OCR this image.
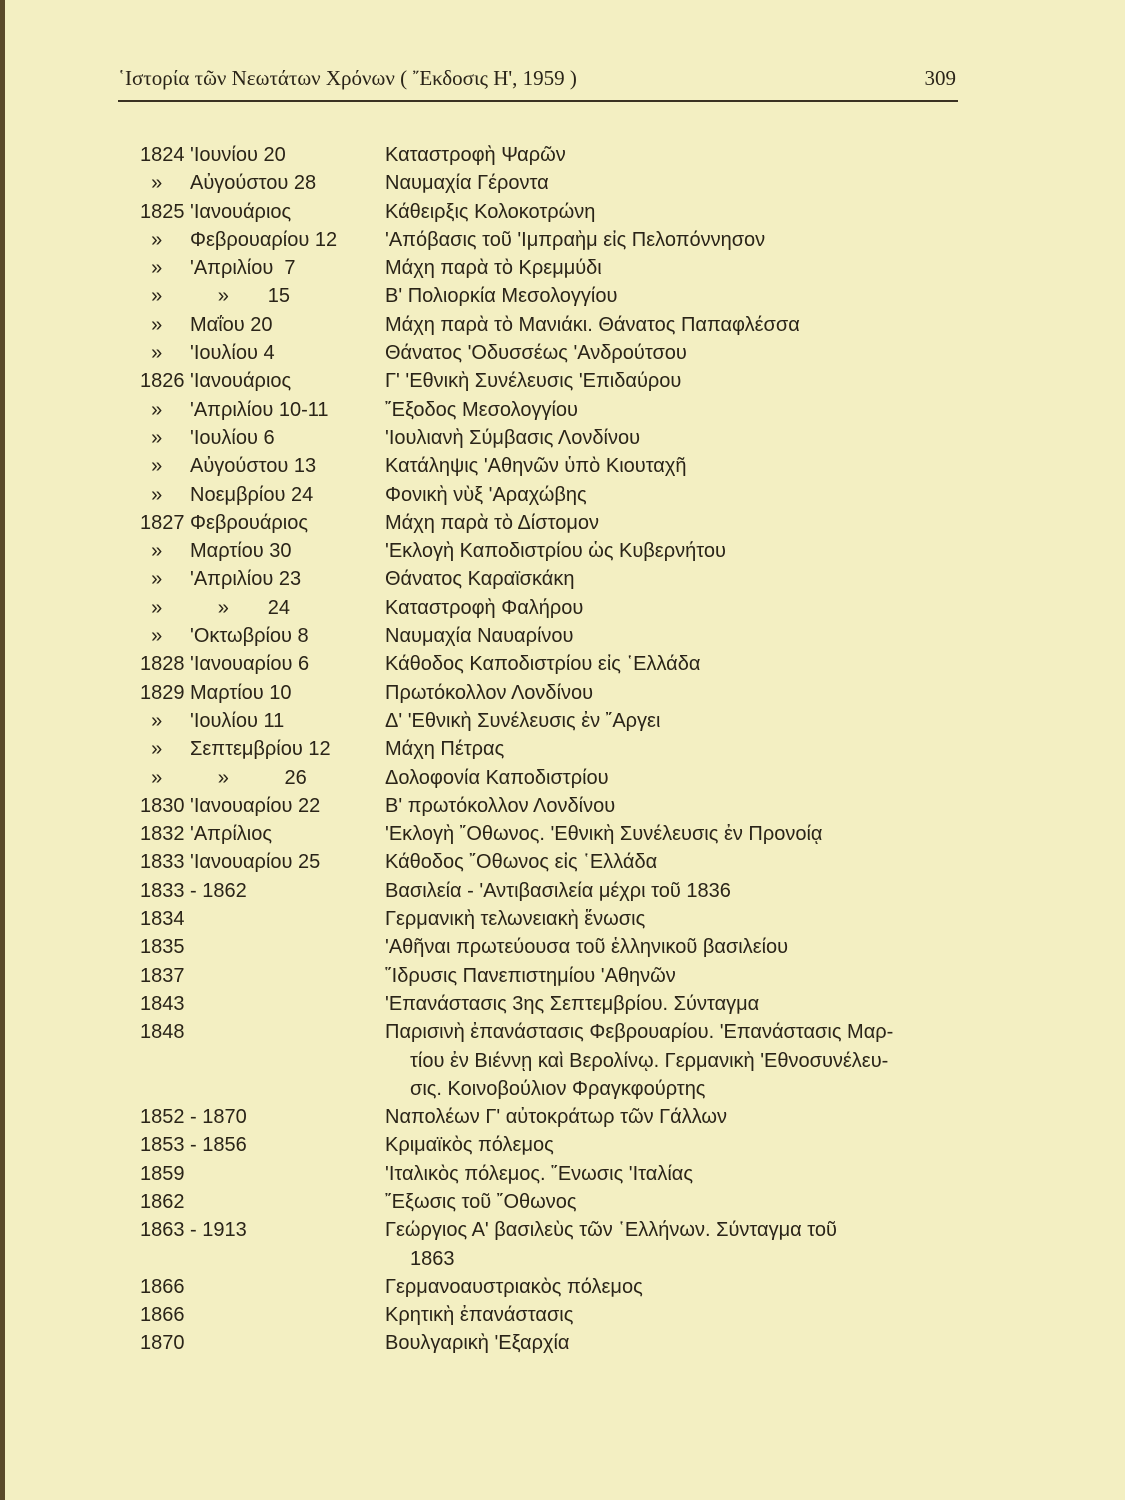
῾Ιστορία τῶν Νεωτάτων Χρόνων ( ῎Εκδοσις Η', 1959 )	309
1824 'Ιουνίου 20	Καταστροφὴ Ψαρῶν
»	Αὐγούστου 28	Ναυμαχία Γέροντα
1825 'Ιανουάριος	Κάθειρξις Κολοκοτρώνη
»	Φεβρουαρίου 12	'Απόβασις τοῦ 'Ιμπραὴμ εἰς Πελοπόννησον
»	'Απριλίου  7	Μάχη παρὰ τὸ Κρεμμύδι
»	»       15	Β' Πολιορκία Μεσολογγίου
»	Μαΐου 20	Μάχη παρὰ τὸ Μανιάκι. Θάνατος Παπαφλέσσα
»	'Ιουλίου 4	Θάνατος 'Οδυσσέως 'Ανδρούτσου
1826 'Ιανουάριος	Γ' 'Εθνικὴ Συνέλευσις 'Επιδαύρου
»	'Απριλίου 10-11	῎Εξοδος Μεσολογγίου
»	'Ιουλίου 6	'Ιουλιανὴ Σύμβασις Λονδίνου
»	Αὐγούστου 13	Κατάληψις 'Αθηνῶν ὑπὸ Κιουταχῆ
»	Νοεμβρίου 24	Φονικὴ νὺξ 'Αραχώβης
1827 Φεβρουάριος	Μάχη παρὰ τὸ Δίστομον
»	Μαρτίου 30	'Εκλογὴ Καποδιστρίου ὡς Κυβερνήτου
»	'Απριλίου 23	Θάνατος Καραϊσκάκη
»	»       24	Καταστροφὴ Φαλήρου
»	'Οκτωβρίου 8	Ναυμαχία Ναυαρίνου
1828 'Ιανουαρίου 6	Κάθοδος Καποδιστρίου εἰς ῾Ελλάδα
1829 Μαρτίου 10	Πρωτόκολλον Λονδίνου
»	'Ιουλίου 11	Δ' 'Εθνικὴ Συνέλευσις ἐν ῎Αργει
»	Σεπτεμβρίου 12	Μάχη Πέτρας
»	»          26	Δολοφονία Καποδιστρίου
1830 'Ιανουαρίου 22	Β' πρωτόκολλον Λονδίνου
1832 'Απρίλιος	'Εκλογὴ ῎Οθωνος. 'Εθνικὴ Συνέλευσις ἐν Προνοίᾳ
1833 'Ιανουαρίου 25	Κάθοδος ῎Οθωνος εἰς ῾Ελλάδα
1833 - 1862	Βασιλεία - 'Αντιβασιλεία μέχρι τοῦ 1836
1834	Γερμανικὴ τελωνειακὴ ἕνωσις
1835	'Αθῆναι πρωτεύουσα τοῦ ἑλληνικοῦ βασιλείου
1837	῞Ιδρυσις Πανεπιστημίου 'Αθηνῶν
1843	'Επανάστασις 3ης Σεπτεμβρίου. Σύνταγμα
1848	Παρισινὴ ἐπανάστασις Φεβρουαρίου. 'Επανάστασις Μαρ-
τίου ἐν Βιέννῃ καὶ Βερολίνῳ. Γερμανικὴ 'Εθνοσυνέλευ-
σις. Κοινοβούλιον Φραγκφούρτης
1852 - 1870	Ναπολέων Γ' αὐτοκράτωρ τῶν Γάλλων
1853 - 1856	Κριμαϊκὸς πόλεμος
1859	'Ιταλικὸς πόλεμος. ῞Ενωσις 'Ιταλίας
1862	῎Εξωσις τοῦ ῎Οθωνος
1863 - 1913	Γεώργιος Α' βασιλεὺς τῶν ῾Ελλήνων. Σύνταγμα τοῦ
1863
1866	Γερμανοαυστριακὸς πόλεμος
1866	Κρητικὴ ἐπανάστασις
1870	Βουλγαρικὴ 'Εξαρχία
